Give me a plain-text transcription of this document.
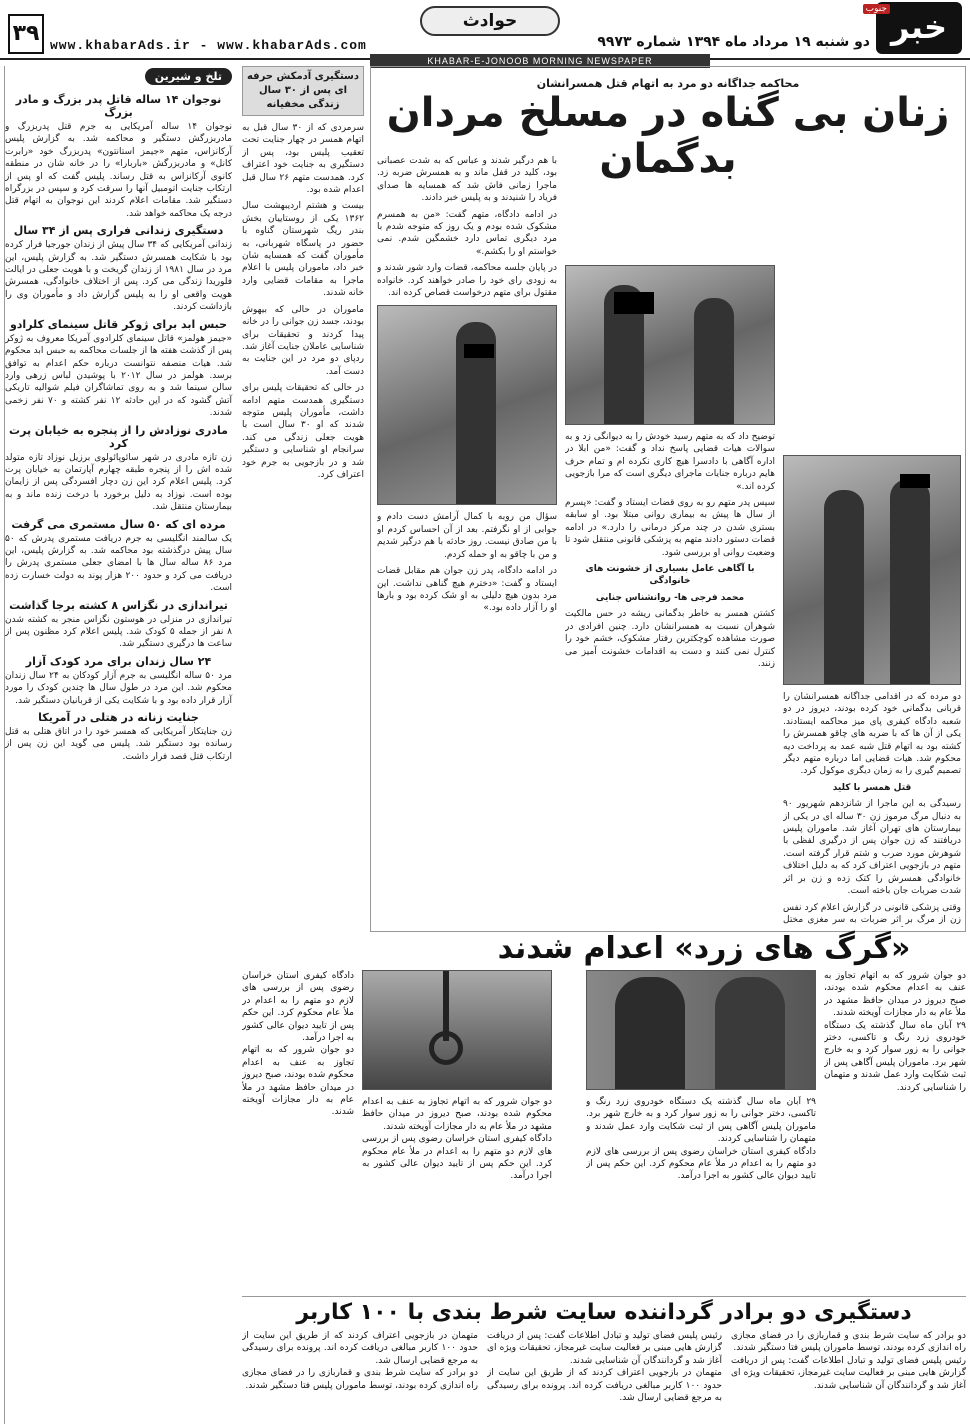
خبر
جنوب
دو شنبه ۱۹ مرداد ماه ۱۳۹۴ شماره ۹۹۷۳
حوادث
www.khabarAds.ir - www.khabarAds.com
۳۹
KHABAR-E-JONOOB MORNING NEWSPAPER
تلخ و شیرین
نوجوان ۱۴ ساله قاتل پدر بزرگ و مادر بزرگ

نوجوان ۱۴ ساله آمریکایی به جرم قتل پدربزرگ و مادربزرگش دستگیر و محاکمه شد. به گزارش پلیس آرکانزاس، متهم «جیمز استانتون» پدربزرگ خود «رابرت کانل» و مادربزرگش «باربارا» را در خانه شان در منطقه کانوی آرکانزاس به قتل رساند. پلیس گفت که او پس از ارتکاب جنایت اتومبیل آنها را سرقت کرد و سپس در بزرگراه دستگیر شد. مقامات اعلام کردند این نوجوان به اتهام قتل درجه یک محاکمه خواهد شد.

دستگیری زندانی فراری پس از ۳۴ سال

زندانی آمریکایی که ۳۴ سال پیش از زندان جورجیا فرار کرده بود با شکایت همسرش دستگیر شد. به گزارش پلیس، این مرد در سال ۱۹۸۱ از زندان گریخت و با هویت جعلی در ایالت فلوریدا زندگی می کرد. پس از اختلاف خانوادگی، همسرش هویت واقعی او را به پلیس گزارش داد و مأموران وی را بازداشت کردند.

حبس ابد برای ژوکر قاتل سینمای کلرادو

«جیمز هولمز» قاتل سینمای کلرادوی آمریکا معروف به ژوکر پس از گذشت هفته ها از جلسات محاکمه به حبس ابد محکوم شد. هیات منصفه نتوانست درباره حکم اعدام به توافق برسد. هولمز در سال ۲۰۱۲ با پوشیدن لباس زرهی وارد سالن سینما شد و به روی تماشاگران فیلم شوالیه تاریکی آتش گشود که در این حادثه ۱۲ نفر کشته و ۷۰ نفر زخمی شدند.

مادری نوزادش را از پنجره به خیابان پرت کرد

زن تازه مادری در شهر سائوپائولوی برزیل نوزاد تازه متولد شده اش را از پنجره طبقه چهارم آپارتمان به خیابان پرت کرد. پلیس اعلام کرد این زن دچار افسردگی پس از زایمان بوده است. نوزاد به دلیل برخورد با درخت زنده ماند و به بیمارستان منتقل شد.

مرده ای که ۵۰ سال مستمری می گرفت

یک سالمند انگلیسی به جرم دریافت مستمری پدرش که ۵۰ سال پیش درگذشته بود محاکمه شد. به گزارش پلیس، این مرد ۸۶ ساله سال ها با امضای جعلی مستمری پدرش را دریافت می کرد و حدود ۲۰۰ هزار پوند به دولت خسارت زده است.

تیراندازی در نگزاس ۸ کشته برجا گذاشت

تیراندازی در منزلی در هوستون نگزاس منجر به کشته شدن ۸ نفر از جمله ۵ کودک شد. پلیس اعلام کرد مظنون پس از ساعت ها درگیری دستگیر شد.

۲۴ سال زندان برای مرد کودک آزار

مرد ۵۰ ساله انگلیسی به جرم آزار کودکان به ۲۴ سال زندان محکوم شد. این مرد در طول سال ها چندین کودک را مورد آزار قرار داده بود و با شکایت یکی از قربانیان دستگیر شد.

جنایت زنانه در هتلی در آمریکا

زن جنایتکار آمریکایی که همسر خود را در اتاق هتلی به قتل رسانده بود دستگیر شد. پلیس می گوید این زن پس از ارتکاب قتل قصد فرار داشت.

دستگیری آدمکش حرفه ای پس از ۳۰ سال زندگی مخفیانه

سرمردی که از ۳۰ سال قبل به اتهام همسر در چهار جنایت تحت تعقیب پلیس بود، پس از دستگیری به جنایت خود اعتراف کرد. همدست متهم ۲۶ سال قبل اعدام شده بود.

بیست و هشتم اردیبهشت سال ۱۳۶۲ یکی از روستاییان بخش بندر ریگ شهرستان گناوه با حضور در پاسگاه شهربانی، به مأموران گفت که همسایه شان خبر داد، ماموران پلیس با اعلام ماجرا به مقامات قضایی وارد خانه شدند.

ماموران در حالی که بیهوش بودند، جسد زن جوانی را در خانه پیدا کردند و تحقیقات برای شناسایی عاملان جنایت آغاز شد. ردپای دو مرد در این جنایت به دست آمد.

در حالی که تحقیقات پلیس برای دستگیری همدست متهم ادامه داشت، مأموران پلیس متوجه شدند که او ۳۰ سال است با هویت جعلی زندگی می کند. سرانجام او شناسایی و دستگیر شد و در بازجویی به جرم خود اعتراف کرد.

محاکمه جداگانه دو مرد به اتهام قتل همسرانشان
زنان بی گناه در مسلخ مردان بدگمان

دو مرده که در اقدامی جداگانه همسرانشان را قربانی بدگمانی خود کرده بودند، دیروز در دو شعبه دادگاه کیفری پای میز محاکمه ایستادند. یکی از آن ها که با ضربه های چاقو همسرش را کشته بود به اتهام قتل شبه عمد به پرداخت دیه محکوم شد. هیات قضایی اما درباره متهم دیگر تصمیم گیری را به زمان دیگری موکول کرد.

قتل همسر با کلید

رسیدگی به این ماجرا از شانزدهم شهریور ۹۰ به دنبال مرگ مرموز زن ۳۰ ساله ای در یکی از بیمارستان های تهران آغاز شد. ماموران پلیس دریافتند که زن جوان پس از درگیری لفظی با شوهرش مورد ضرب و شتم قرار گرفته است. متهم در بازجویی اعتراف کرد که به دلیل اختلاف خانوادگی همسرش را کتک زده و زن بر اثر شدت ضربات جان باخته است.

وقتی پزشکی قانونی در گزارش اعلام کرد نفس زن از مرگ بر اثر ضربات به سر مغزی مختل

توضیح داد که به متهم رسید خودش را به دیوانگی زد و به سوالات هیات قضایی پاسخ نداد و گفت: «من ابلا در اداره آگاهی با دادسرا هیچ کاری نکرده ام و تمام حرف هایم درباره جنایات ماجرای دیگری است که مرا بازجویی کرده اند.»

سپس پدر متهم رو به روی قضات ایستاد و گفت: «پسرم از سال ها پیش به بیماری روانی مبتلا بود. او سابقه بستری شدن در چند مرکز درمانی را دارد.» در ادامه قضات دستور دادند متهم به پزشکی قانونی منتقل شود تا وضعیت روانی او بررسی شود.

با آگاهی عامل بسیاری از خشونت های خانوادگی

محمد فرجی ها- روانشناس جنایی

کشتن همسر به خاطر بدگمانی ریشه در حس مالکیت شوهران نسبت به همسرانشان دارد. چنین افرادی در صورت مشاهده کوچکترین رفتار مشکوک، خشم خود را کنترل نمی کنند و دست به اقدامات خشونت آمیز می زنند.

با هم درگیر شدند و عباس که به شدت عصبانی بود، کلید در قفل ماند و به همسرش ضربه زد. ماجرا زمانی فاش شد که همسایه ها صدای فریاد را شنیدند و به پلیس خبر دادند.

در ادامه دادگاه، متهم گفت: «من به همسرم مشکوک شده بودم و یک روز که متوجه شدم با مرد دیگری تماس دارد خشمگین شدم. نمی خواستم او را بکشم.»

در پایان جلسه محاکمه، قضات وارد شور شدند و به زودی رای خود را صادر خواهند کرد. خانواده مقتول برای متهم درخواست قصاص کرده اند.

سؤال من روبه با کمال آرامش دست دادم و جوابی از او نگرفتم. بعد از آن احساس کردم او با من صادق نیست. روز حادثه با هم درگیر شدیم و من با چاقو به او حمله کردم.

در ادامه دادگاه، پدر زن جوان هم مقابل قضات ایستاد و گفت: «دخترم هیچ گناهی نداشت. این مرد بدون هیچ دلیلی به او شک کرده بود و بارها او را آزار داده بود.»

«گرگ های زرد» اعدام شدند

دو جوان شرور که به اتهام تجاوز به عنف به اعدام محکوم شده بودند، صبح دیروز در میدان حافظ مشهد در ملأ عام به دار مجازات آویخته شدند.

۲۹ آبان ماه سال گذشته یک دستگاه خودروی زرد رنگ و تاکسی، دختر جوانی را به زور سوار کرد و به خارج شهر برد. ماموران پلیس آگاهی پس از ثبت شکایت وارد عمل شدند و متهمان را شناسایی کردند.

۲۹ آبان ماه سال گذشته یک دستگاه خودروی زرد رنگ و تاکسی، دختر جوانی را به زور سوار کرد و به خارج شهر برد. ماموران پلیس آگاهی پس از ثبت شکایت وارد عمل شدند و متهمان را شناسایی کردند.

دادگاه کیفری استان خراسان رضوی پس از بررسی های لازم دو متهم را به اعدام در ملأ عام محکوم کرد. این حکم پس از تایید دیوان عالی کشور به اجرا درآمد.

دادگاه کیفری استان خراسان رضوی پس از بررسی های لازم دو متهم را به اعدام در ملأ عام محکوم کرد. این حکم پس از تایید دیوان عالی کشور به اجرا درآمد.

دو جوان شرور که به اتهام تجاوز به عنف به اعدام محکوم شده بودند، صبح دیروز در میدان حافظ مشهد در ملأ عام به دار مجازات آویخته شدند.

دو جوان شرور که به اتهام تجاوز به عنف به اعدام محکوم شده بودند، صبح دیروز در میدان حافظ مشهد در ملأ عام به دار مجازات آویخته شدند.

دادگاه کیفری استان خراسان رضوی پس از بررسی های لازم دو متهم را به اعدام در ملأ عام محکوم کرد. این حکم پس از تایید دیوان عالی کشور به اجرا درآمد.

دستگیری دو برادر گرداننده سایت شرط بندی با ۱۰۰ کاربر

دو برادر که سایت شرط بندی و قماربازی را در فضای مجازی راه اندازی کرده بودند، توسط ماموران پلیس فتا دستگیر شدند.

رئیس پلیس فضای تولید و تبادل اطلاعات گفت: پس از دریافت گزارش هایی مبنی بر فعالیت سایت غیرمجاز، تحقیقات ویژه ای آغاز شد و گردانندگان آن شناسایی شدند.

رئیس پلیس فضای تولید و تبادل اطلاعات گفت: پس از دریافت گزارش هایی مبنی بر فعالیت سایت غیرمجاز، تحقیقات ویژه ای آغاز شد و گردانندگان آن شناسایی شدند.

متهمان در بازجویی اعتراف کردند که از طریق این سایت از حدود ۱۰۰ کاربر مبالغی دریافت کرده اند. پرونده برای رسیدگی به مرجع قضایی ارسال شد.

متهمان در بازجویی اعتراف کردند که از طریق این سایت از حدود ۱۰۰ کاربر مبالغی دریافت کرده اند. پرونده برای رسیدگی به مرجع قضایی ارسال شد.

دو برادر که سایت شرط بندی و قماربازی را در فضای مجازی راه اندازی کرده بودند، توسط ماموران پلیس فتا دستگیر شدند.
